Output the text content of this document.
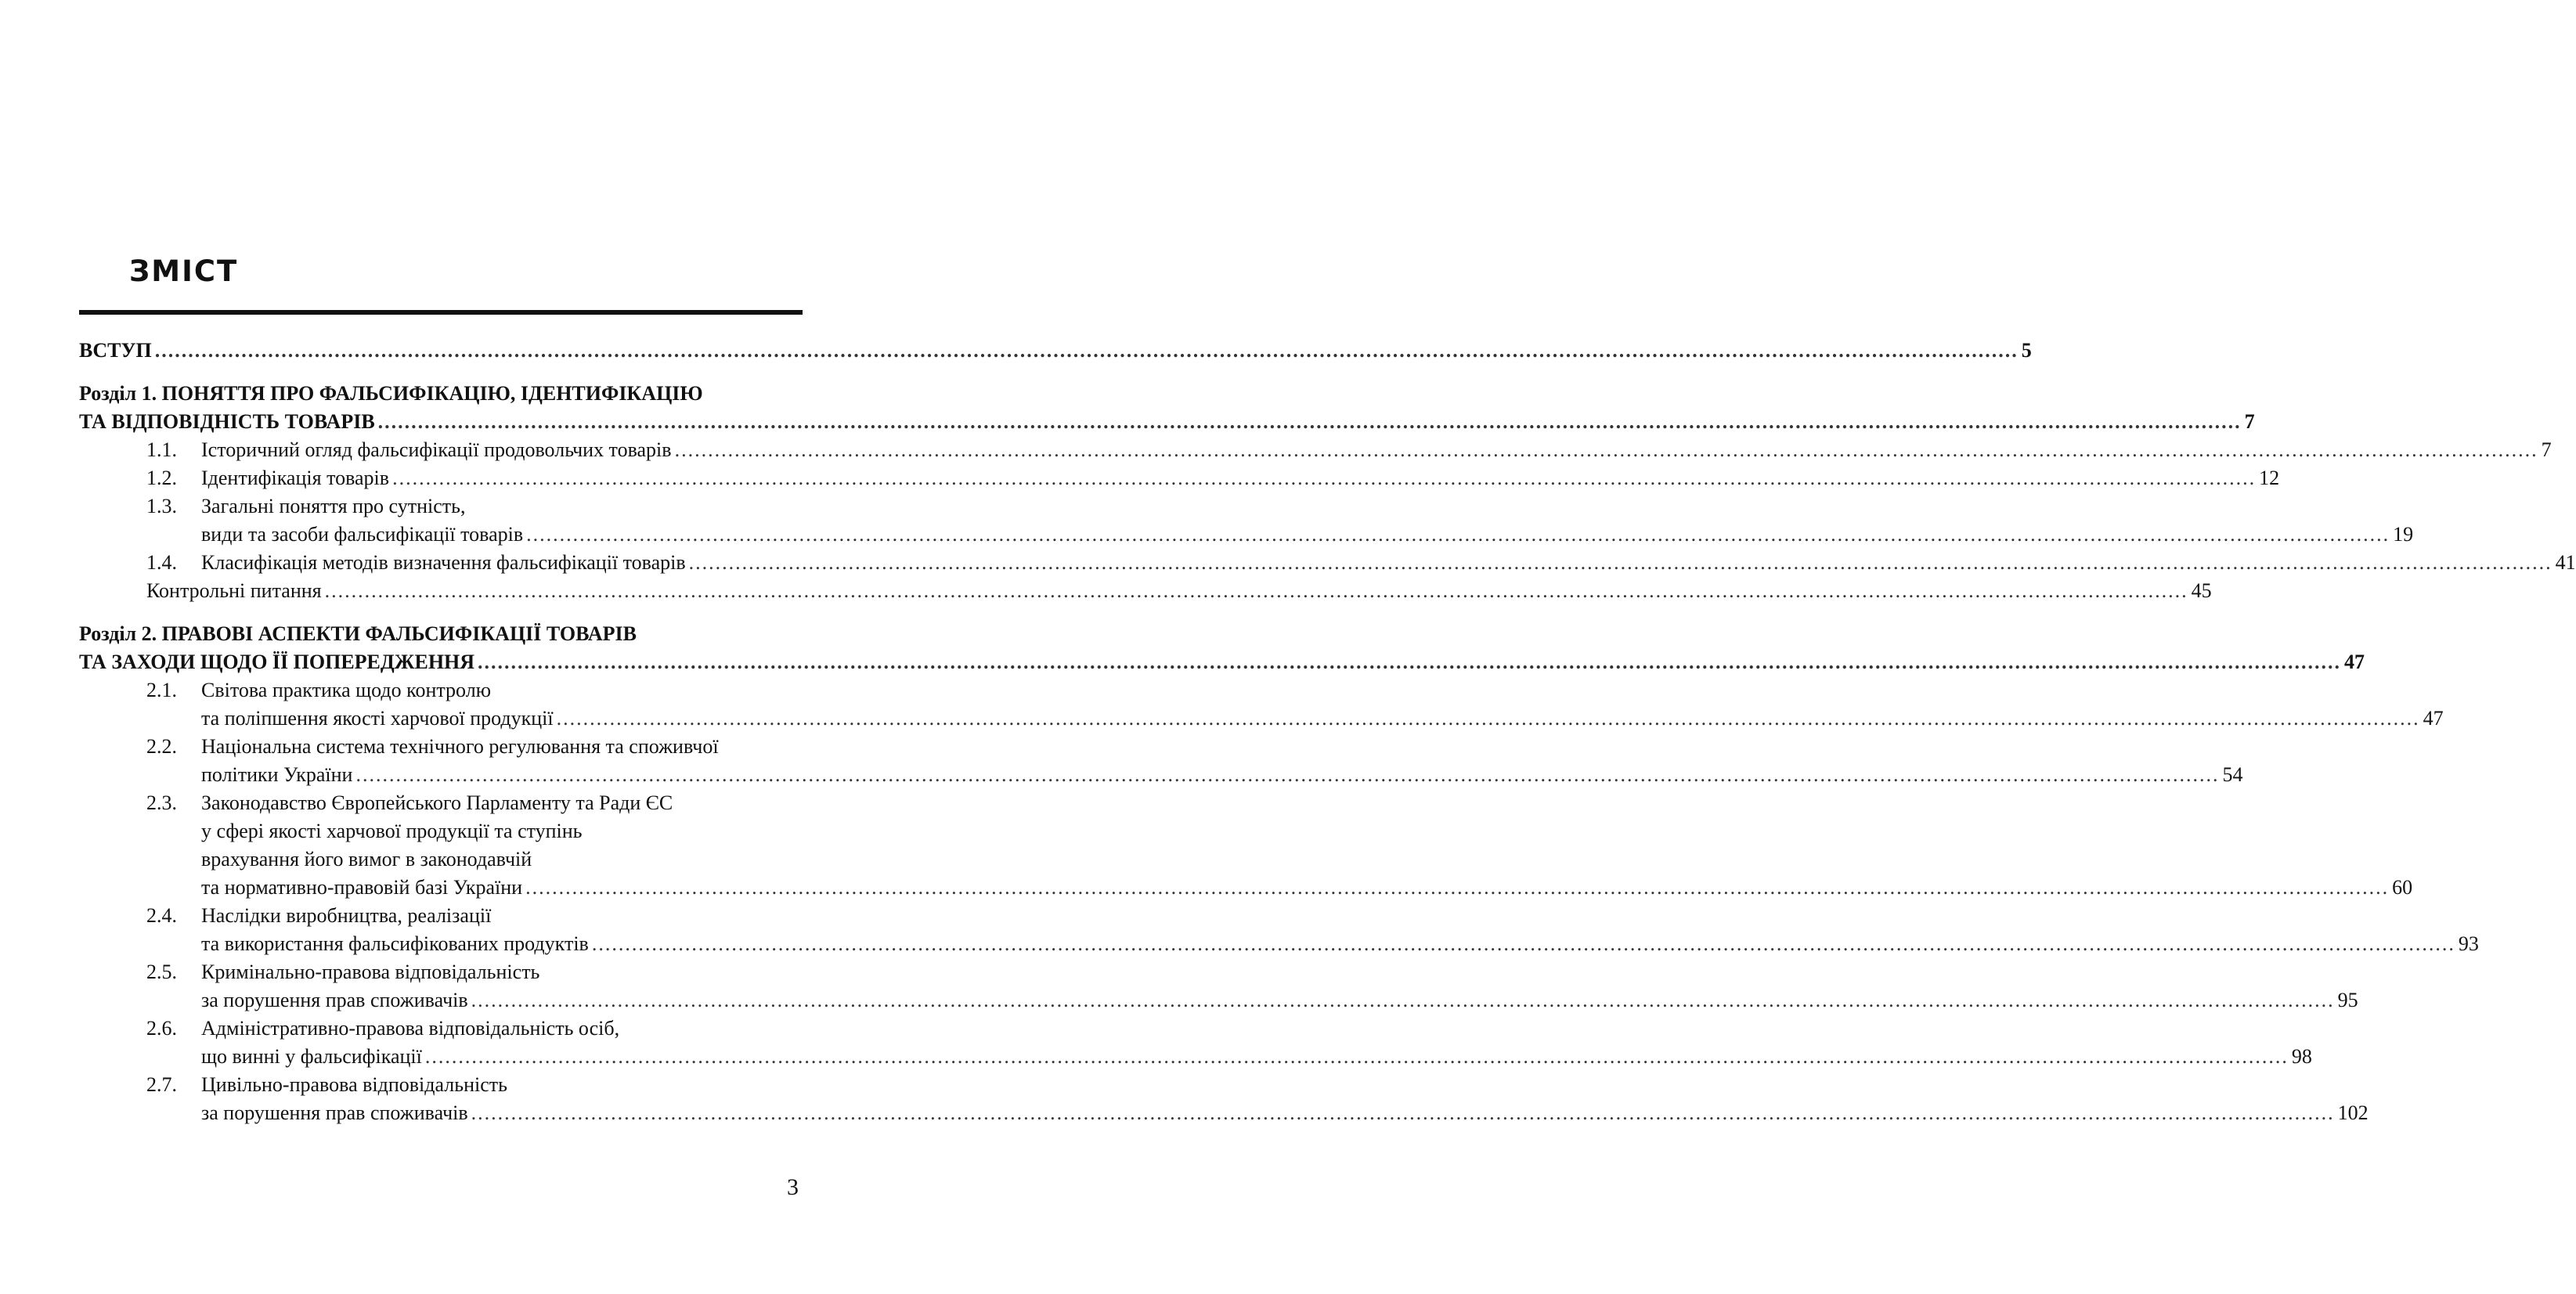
ЗМІСТ
ВСТУП .....	5
Розділ 1. ПОНЯТТЯ ПРО ФАЛЬСИФІКАЦІЮ, ІДЕНТИФІКАЦІЮ
ТА ВІДПОВІДНІСТЬ ТОВАРІВ .....	7
1.1.	Історичний огляд фальсифікації продовольчих товарів .....	7
1.2.	Ідентифікація товарів .....	12
1.3.	Загальні поняття про сутність,
види та засоби фальсифікації товарів .....	19
1.4.	Класифікація методів визначення фальсифікації товарів .....	41
Контрольні питання .....	45
Розділ 2. ПРАВОВІ АСПЕКТИ ФАЛЬСИФІКАЦІЇ ТОВАРІВ
ТА ЗАХОДИ ЩОДО ЇЇ ПОПЕРЕДЖЕННЯ .....	47
2.1.	Світова практика щодо контролю
та поліпшення якості харчової продукції .....	47
2.2.	Національна система технічного регулювання та споживчої
політики України .....	54
2.3.	Законодавство Європейського Парламенту та Ради ЄС
у сфері якості харчової продукції та ступінь
врахування його вимог в законодавчій
та нормативно-правовій базі України .....	60
2.4.	Наслідки виробництва, реалізації
та використання фальсифікованих продуктів .....	93
2.5.	Кримінально-правова відповідальність
за порушення прав споживачів .....	95
2.6.	Адміністративно-правова відповідальність осіб,
що винні у фальсифікації .....	98
2.7.	Цивільно-правова відповідальність
за порушення прав споживачів .....	102
3
